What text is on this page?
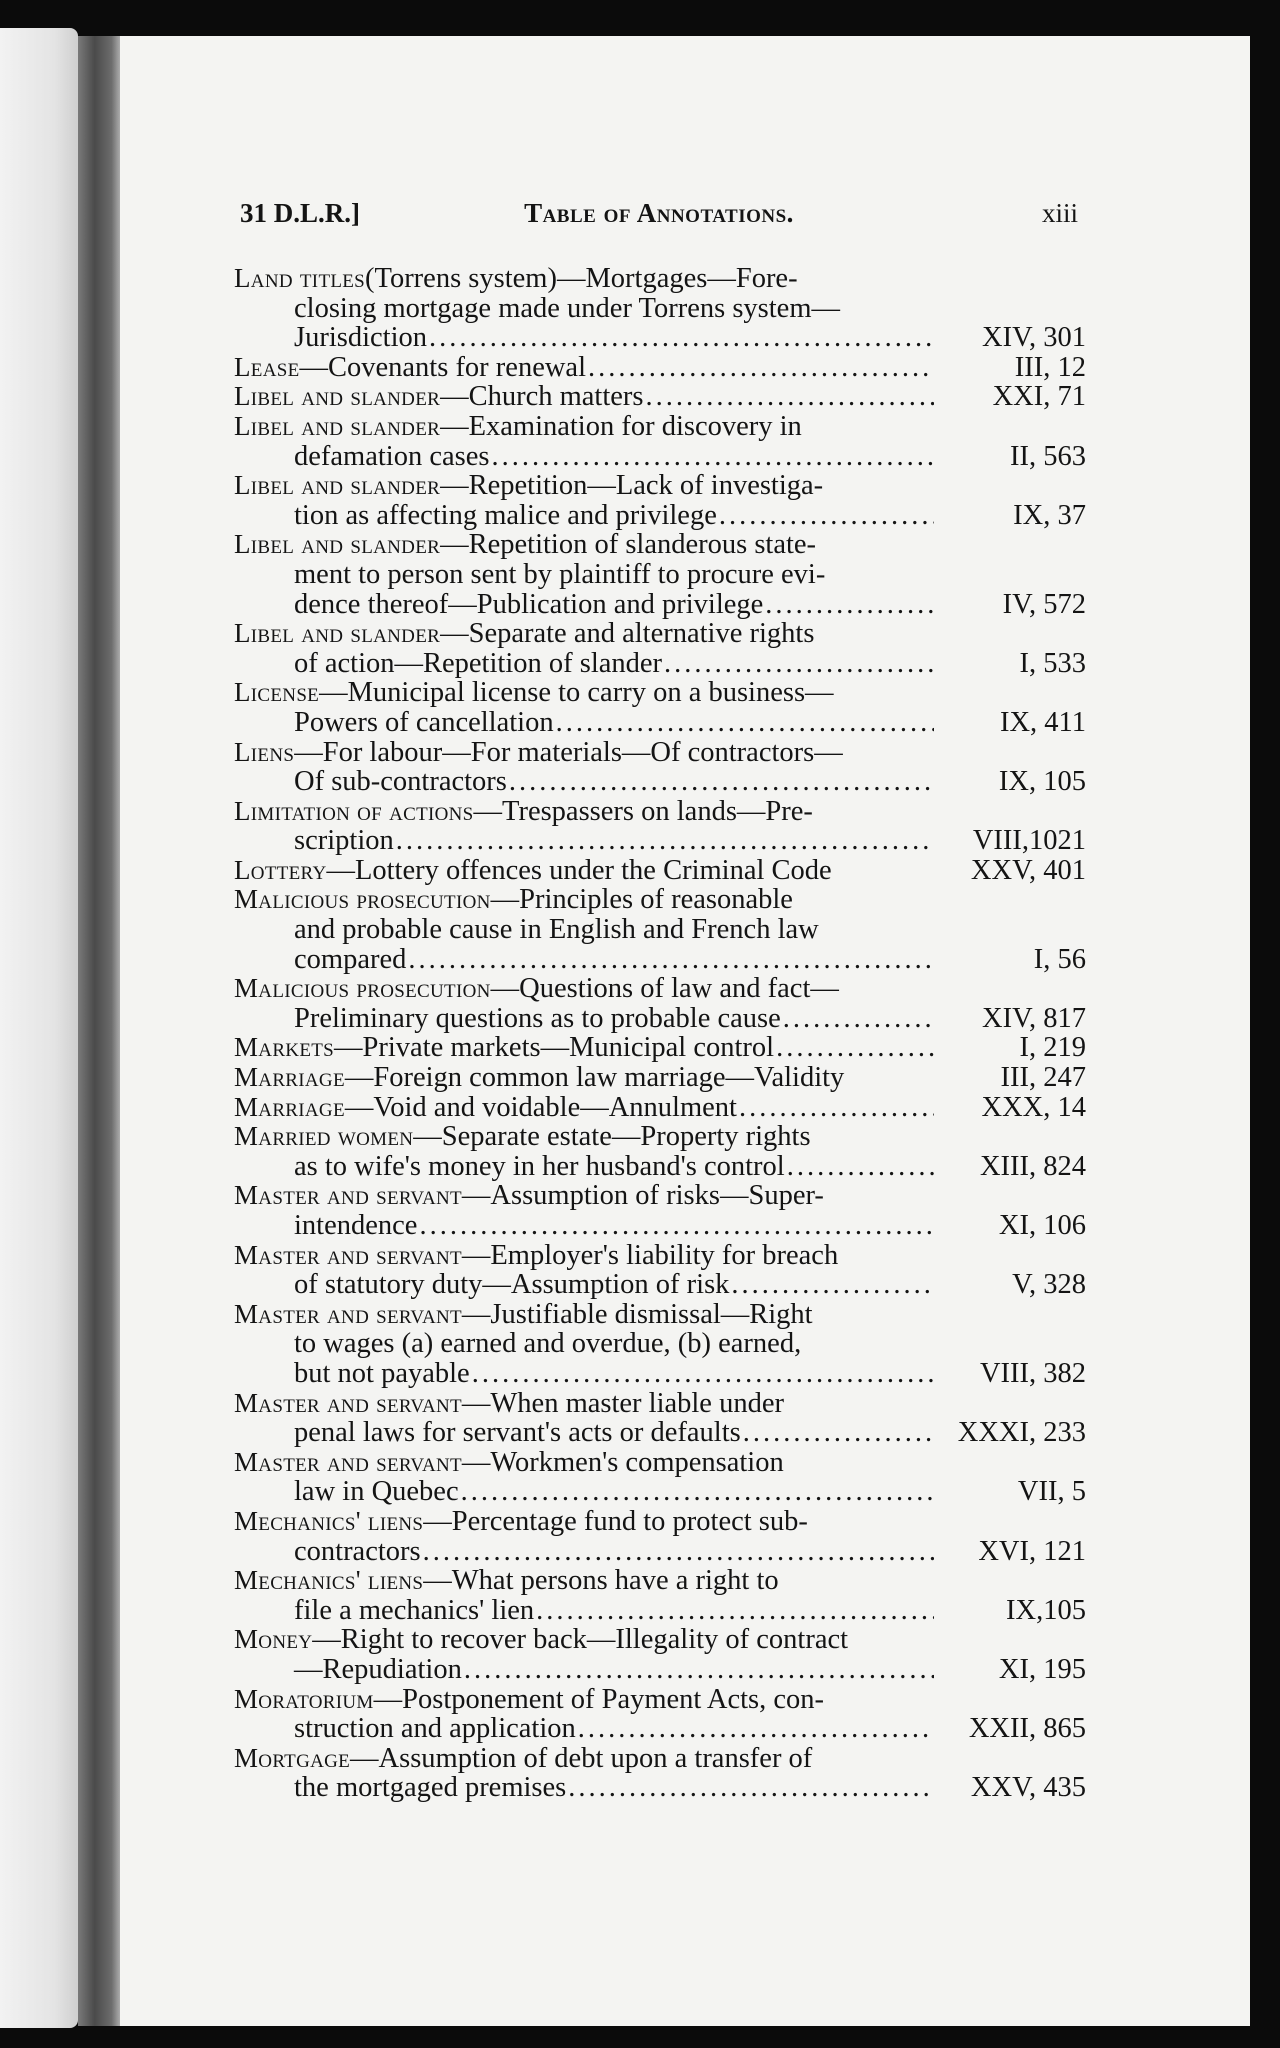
31 D.L.R.]	Table of Annotations.	xiii
Land titles(Torrens system)—Mortgages—Fore-
closing mortgage made under Torrens system—
Jurisdiction .....	XIV, 301
Lease —Covenants for renewal .....	III, 12
Libel and slander —Church matters .....	XXI, 71
Libel and slander—Examination for discovery in
defamation cases .....	II, 563
Libel and slander—Repetition—Lack of investiga-
tion as affecting malice and privilege .....	IX, 37
Libel and slander—Repetition of slanderous state-
ment to person sent by plaintiff to procure evi-
dence thereof—Publication and privilege .....	IV, 572
Libel and slander—Separate and alternative rights
of action—Repetition of slander .....	I, 533
License—Municipal license to carry on a business—
Powers of cancellation .....	IX, 411
Liens—For labour—For materials—Of contractors—
Of sub-contractors .....	IX, 105
Limitation of actions—Trespassers on lands—Pre-
scription .....	VIII,1021
Lottery—Lottery offences under the Criminal Code	XXV, 401
Malicious prosecution—Principles of reasonable
and probable cause in English and French law
compared .....	I, 56
Malicious prosecution—Questions of law and fact—
Preliminary questions as to probable cause .....	XIV, 817
Markets —Private markets—Municipal control .....	I, 219
Marriage—Foreign common law marriage—Validity	III, 247
Marriage —Void and voidable—Annulment .....	XXX, 14
Married women—Separate estate—Property rights
as to wife's money in her husband's control .....	XIII, 824
Master and servant—Assumption of risks—Super-
intendence .....	XI, 106
Master and servant—Employer's liability for breach
of statutory duty—Assumption of risk .....	V, 328
Master and servant—Justifiable dismissal—Right
to wages (a) earned and overdue, (b) earned,
but not payable .....	VIII, 382
Master and servant—When master liable under
penal laws for servant's acts or defaults .....	XXXI, 233
Master and servant—Workmen's compensation
law in Quebec .....	VII, 5
Mechanics' liens—Percentage fund to protect sub-
contractors .....	XVI, 121
Mechanics' liens—What persons have a right to
file a mechanics' lien .....	IX,105
Money—Right to recover back—Illegality of contract
—Repudiation .....	XI, 195
Moratorium—Postponement of Payment Acts, con-
struction and application .....	XXII, 865
Mortgage—Assumption of debt upon a transfer of
the mortgaged premises .....	XXV, 435
